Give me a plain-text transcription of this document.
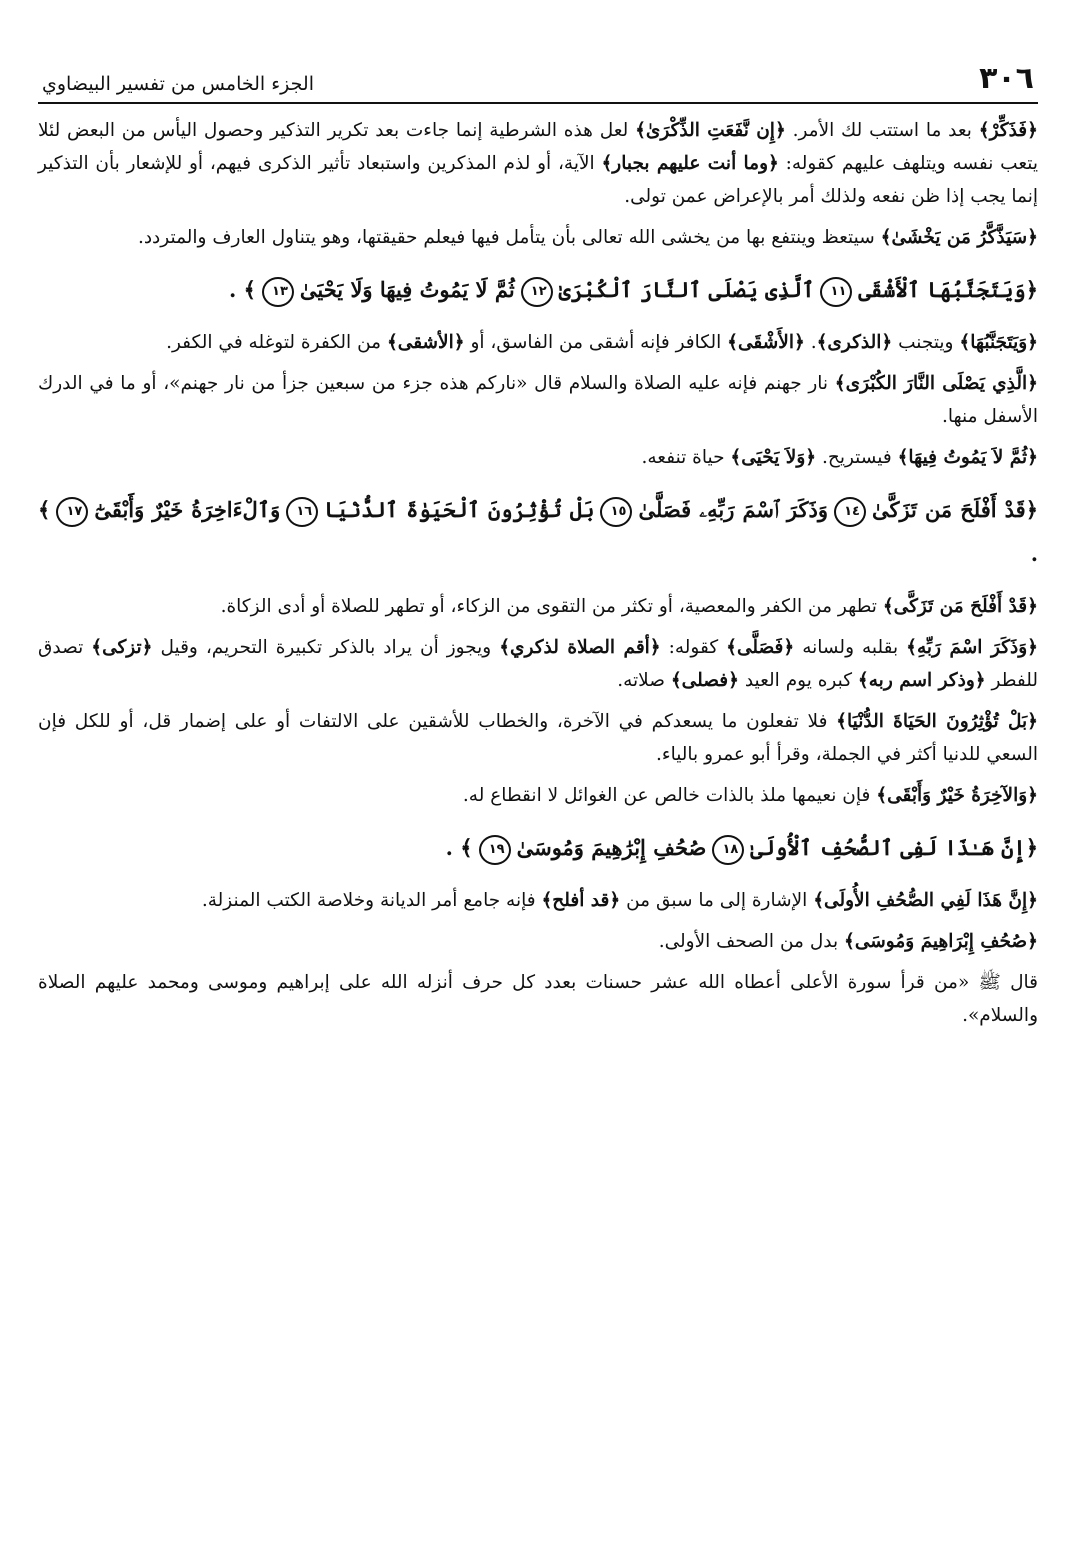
٣٠٦
الجزء الخامس من تفسير البيضاوي

﴿فَذَكِّرْ﴾ بعد ما استتب لك الأمر. ﴿إِن نَّفَعَتِ الذِّكْرَىٰ﴾ لعل هذه الشرطية إنما جاءت بعد تكرير التذكير وحصول اليأس من البعض لئلا يتعب نفسه ويتلهف عليهم كقوله: ﴿وما أنت عليهم بجبار﴾ الآية، أو لذم المذكرين واستبعاد تأثير الذكرى فيهم، أو للإشعار بأن التذكير إنما يجب إذا ظن نفعه ولذلك أمر بالإعراض عمن تولى.

﴿سَيَذَّكَّرُ مَن يَخْشَىٰ﴾ سيتعظ وينتفع بها من يخشى الله تعالى بأن يتأمل فيها فيعلم حقيقتها، وهو يتناول العارف والمتردد.

﴿وَيَتَجَنَّبُهَا ٱلْأَشْقَى١١ٱلَّذِى يَصْلَى ٱلنَّارَ ٱلْكُبْرَىٰ١٢ثُمَّ لَا يَمُوتُ فِيهَا وَلَا يَحْيَىٰ١٣﴾ .

﴿وَيَتَجَنَّبُهَا﴾ ويتجنب ﴿الذكرى﴾. ﴿الأَشْقَى﴾ الكافر فإنه أشقى من الفاسق، أو ﴿الأشقى﴾ من الكفرة لتوغله في الكفر.

﴿الَّذِي يَصْلَى النَّارَ الكُبْرَى﴾ نار جهنم فإنه عليه الصلاة والسلام قال «ناركم هذه جزء من سبعين جزأ من نار جهنم»، أو ما في الدرك الأسفل منها.

﴿ثُمَّ لاَ يَمُوتُ فِيهَا﴾ فيستريح. ﴿وَلاَ يَحْيَى﴾ حياة تنفعه.

﴿قَدْ أَفْلَحَ مَن تَزَكَّىٰ١٤وَذَكَرَ ٱسْمَ رَبِّهِۦ فَصَلَّىٰ١٥بَلْ تُؤْثِرُونَ ٱلْحَيَوٰةَ ٱلدُّنْيَا١٦وَٱلْءَاخِرَةُ خَيْرٌ وَأَبْقَىٰٓ١٧﴾ .

﴿قَدْ أَفْلَحَ مَن تَزَكَّى﴾ تطهر من الكفر والمعصية، أو تكثر من التقوى من الزكاء، أو تطهر للصلاة أو أدى الزكاة.

﴿وَذَكَرَ اسْمَ رَبِّهِ﴾ بقلبه ولسانه ﴿فَصَلَّى﴾ كقوله: ﴿أقم الصلاة لذكري﴾ ويجوز أن يراد بالذكر تكبيرة التحريم، وقيل ﴿تزكى﴾ تصدق للفطر ﴿وذكر اسم ربه﴾ كبره يوم العيد ﴿فصلى﴾ صلاته.

﴿بَلْ تُؤْثِرُونَ الحَيَاةَ الدُّنْيَا﴾ فلا تفعلون ما يسعدكم في الآخرة، والخطاب للأشقين على الالتفات أو على إضمار قل، أو للكل فإن السعي للدنيا أكثر في الجملة، وقرأ أبو عمرو بالياء.

﴿وَالآخِرَةُ خَيْرٌ وَأَبْقَى﴾ فإن نعيمها ملذ بالذات خالص عن الغوائل لا انقطاع له.

﴿إِنَّ هَـٰذَا لَفِى ٱلصُّحُفِ ٱلْأُولَىٰ١٨صُحُفِ إِبْرَٰهِيمَ وَمُوسَىٰ١٩﴾ .

﴿إِنَّ هَذَا لَفِي الصُّحُفِ الأُولَى﴾ الإشارة إلى ما سبق من ﴿قد أفلح﴾ فإنه جامع أمر الديانة وخلاصة الكتب المنزلة.

﴿صُحُفِ إِبْرَاهِيمَ وَمُوسَى﴾ بدل من الصحف الأولى.

قال ﷺ «من قرأ سورة الأعلى أعطاه الله عشر حسنات بعدد كل حرف أنزله الله على إبراهيم وموسى ومحمد عليهم الصلاة والسلام».
